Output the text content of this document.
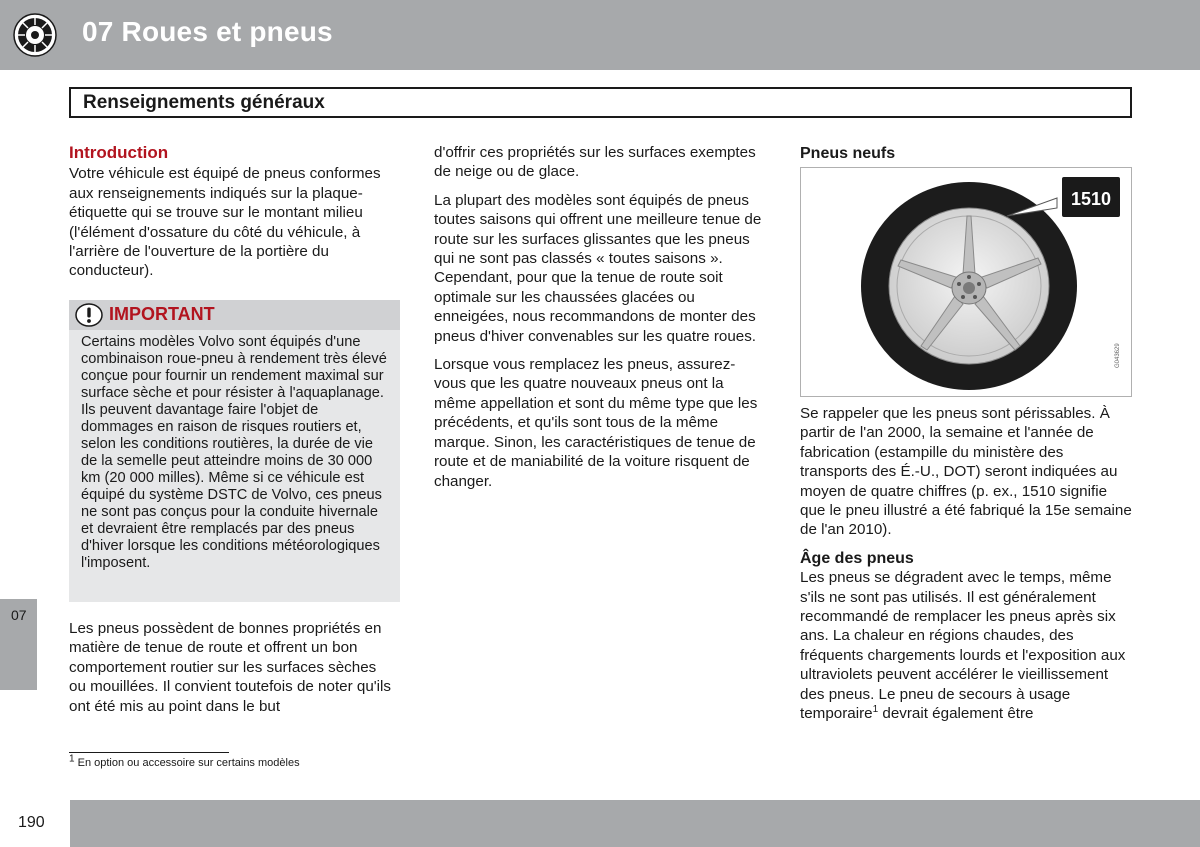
07 Roues et pneus
07
Renseignements généraux
Introduction

Votre véhicule est équipé de pneus conformes aux renseignements indiqués sur la plaque-étiquette qui se trouve sur le montant milieu (l'élément d'ossature du côté du véhicule, à l'arrière de l'ouverture de la portière du conducteur).

IMPORTANT
Certains modèles Volvo sont équipés d'une combinaison roue-pneu à rendement très élevé conçue pour fournir un rendement maximal sur surface sèche et pour résister à l'aquaplanage. Ils peuvent davantage faire l'objet de dommages en raison de risques routiers et, selon les conditions routières, la durée de vie de la semelle peut atteindre moins de 30 000 km (20 000 milles). Même si ce véhicule est équipé du système DSTC de Volvo, ces pneus ne sont pas conçus pour la conduite hivernale et devraient être remplacés par des pneus d'hiver lorsque les conditions météorologiques l'imposent.

Les pneus possèdent de bonnes propriétés en matière de tenue de route et offrent un bon comportement routier sur les surfaces sèches ou mouillées. Il convient toutefois de noter qu'ils ont été mis au point dans le but

d'offrir ces propriétés sur les surfaces exemptes de neige ou de glace.

La plupart des modèles sont équipés de pneus toutes saisons qui offrent une meilleure tenue de route sur les surfaces glissantes que les pneus qui ne sont pas classés « toutes saisons ». Cependant, pour que la tenue de route soit optimale sur les chaussées glacées ou enneigées, nous recommandons de monter des pneus d'hiver convenables sur les quatre roues.

Lorsque vous remplacez les pneus, assurez-vous que les quatre nouveaux pneus ont la même appellation et sont du même type que les précédents, et qu'ils sont tous de la même marque. Sinon, les caractéristiques de tenue de route et de maniabilité de la voiture risquent de changer.

Pneus neufs
1510
G043629

Se rappeler que les pneus sont périssables. À partir de l'an 2000, la semaine et l'année de fabrication (estampille du ministère des transports des É.-U., DOT) seront indiquées au moyen de quatre chiffres (p. ex., 1510 signifie que le pneu illustré a été fabriqué la 15e semaine de l'an 2010).

Âge des pneus

Les pneus se dégradent avec le temps, même s'ils ne sont pas utilisés. Il est généralement recommandé de remplacer les pneus après six ans. La chaleur en régions chaudes, des fréquents chargements lourds et l'exposition aux ultraviolets peuvent accélérer le vieillissement des pneus. Le pneu de secours à usage temporaire$^1$ devrait également être

$^1$ En option ou accessoire sur certains modèles
190
